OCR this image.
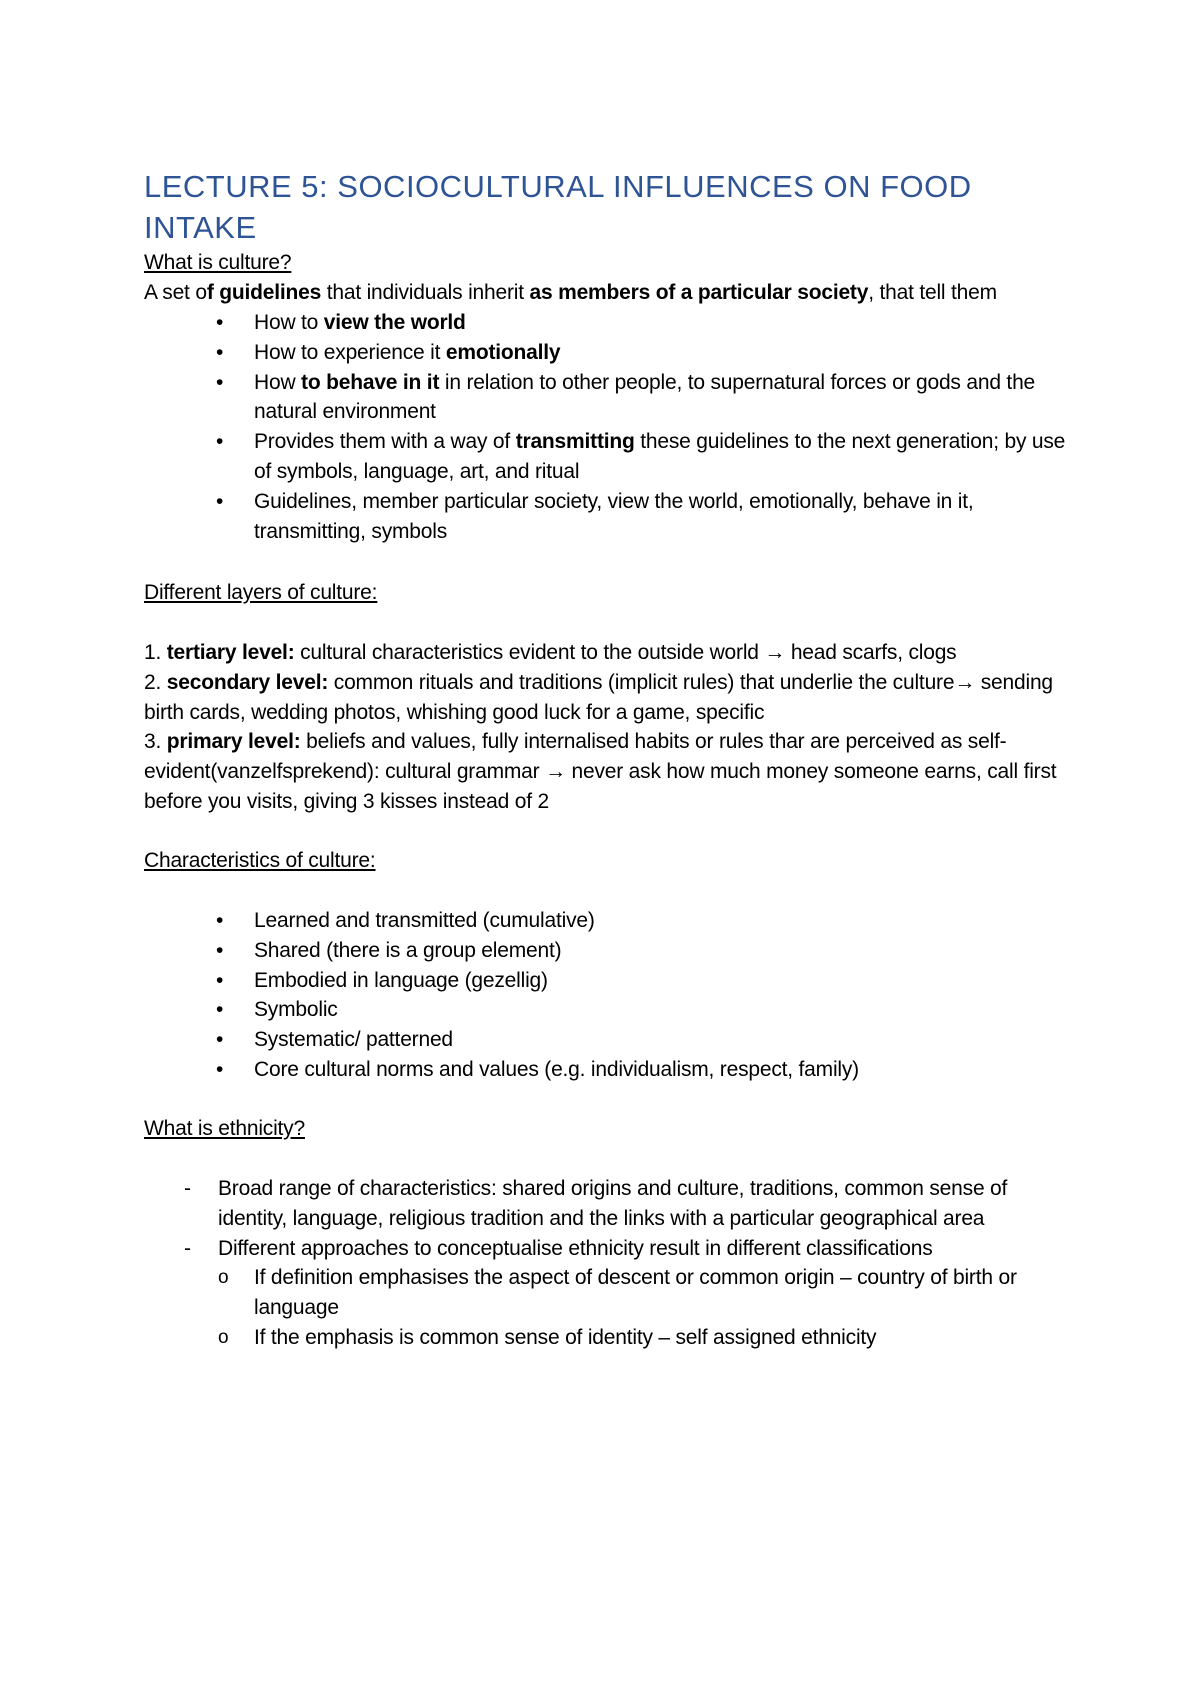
LECTURE 5: SOCIOCULTURAL INFLUENCES ON FOOD INTAKE

What is culture?

A set of guidelines that individuals inherit as members of a particular society, that tell them

•	How to view the world
•	How to experience it emotionally
•	How to behave in it in relation to other people, to supernatural forces or gods and the natural environment
•	Provides them with a way of transmitting these guidelines to the next generation; by use of symbols, language, art, and ritual
•	Guidelines, member particular society, view the world, emotionally, behave in it, transmitting, symbols

Different layers of culture:

1. tertiary level: cultural characteristics evident to the outside world → head scarfs, clogs
2. secondary level: common rituals and traditions (implicit rules) that underlie the culture→ sending birth cards, wedding photos, whishing good luck for a game, specific
3. primary level: beliefs and values, fully internalised habits or rules thar are perceived as self-evident(vanzelfsprekend): cultural grammar → never ask how much money someone earns, call first before you visits, giving 3 kisses instead of 2

Characteristics of culture:

•	Learned and transmitted (cumulative)
•	Shared (there is a group element)
•	Embodied in language (gezellig)
•	Symbolic
•	Systematic/ patterned
•	Core cultural norms and values (e.g. individualism, respect, family)

What is ethnicity?

- Broad range of characteristics: shared origins and culture, traditions, common sense of identity, language, religious tradition and the links with a particular geographical area
- Different approaches to conceptualise ethnicity result in different classifications
o If definition emphasises the aspect of descent or common origin – country of birth or language
o If the emphasis is common sense of identity – self assigned ethnicity
